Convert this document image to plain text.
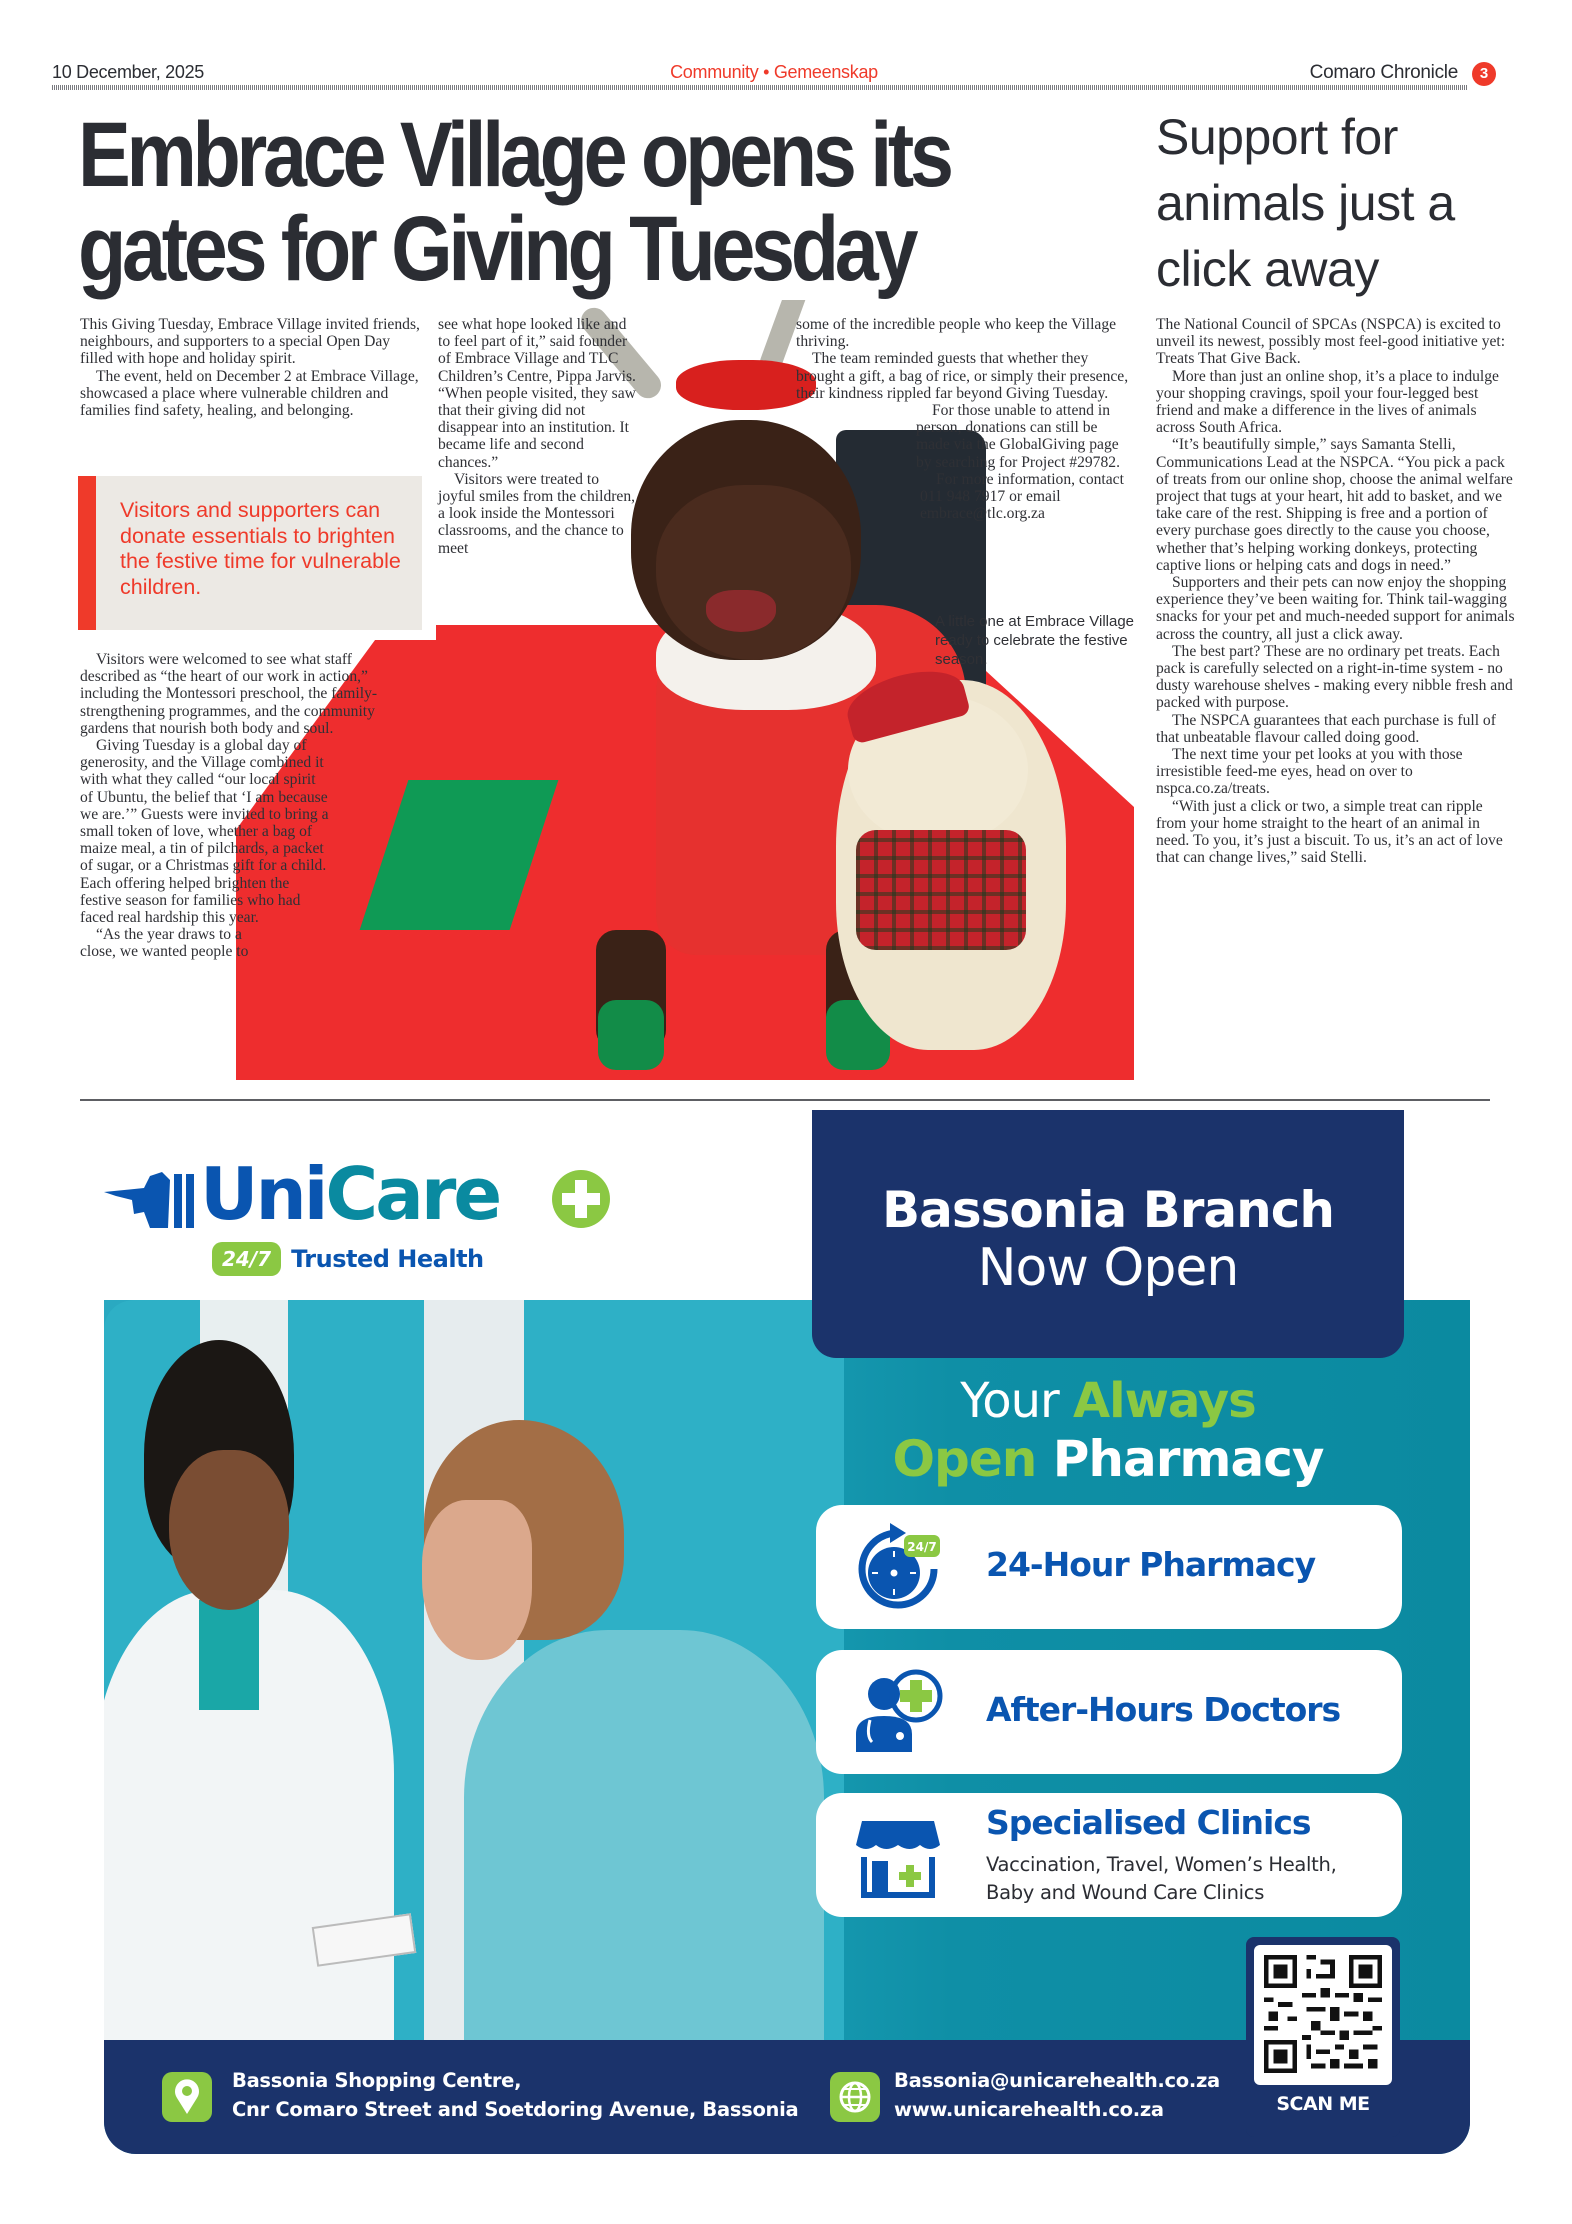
10 December, 2025	Community • Gemeenskap	Comaro Chronicle	3
Embrace Village opens its
gates for Giving Tuesday

This Giving Tuesday, Embrace Village invited friends, neighbours, and supporters to a special Open Day filled with hope and holiday spirit.

The event, held on December 2 at Embrace Village, showcased a place where vulnerable children and families find safety, healing, and belonging.

Visitors and supporters can donate essentials to brighten the festive time for vulnerable children.

Visitors were welcomed to see what staff described as “the heart of our work in action,” including the Montessori preschool, the family-strengthening programmes, and the community gardens that nourish both body and soul.

Giving Tuesday is a global day of generosity, and the Village combined it with what they called “our local spirit of Ubuntu, the belief that ‘I am because we are.’” Guests were invited to bring a small token of love, whether a bag of maize meal, a tin of pilchards, a packet of sugar, or a Christmas gift for a child. Each offering helped brighten the festive season for families who had faced real hardship this year.

“As the year draws to a close, we wanted people to

see what hope looked like and to feel part of it,” said founder of Embrace Village and TLC Children’s Centre, Pippa Jarvis. “When people visited, they saw that their giving did not disappear into an institution. It became life and second chances.”

Visitors were treated to joyful smiles from the children, a look inside the Montessori classrooms, and the chance to meet

some of the incredible people who keep the Village thriving.

The team reminded guests that whether they brought a gift, a bag of rice, or simply their presence, their kindness rippled far beyond Giving Tuesday.

For those unable to attend in person, donations can still be made via the GlobalGiving page by searching for Project #29782.

For more information, contact 011 948 7917 or email embrace@tlc.org.za

A little one at Embrace Village ready to celebrate the festive season.
Support for animals just a click away

The National Council of SPCAs (NSPCA) is excited to unveil its newest, possibly most feel-good initiative yet: Treats That Give Back.

More than just an online shop, it’s a place to indulge your shopping cravings, spoil your four-legged best friend and make a difference in the lives of animals across South Africa.

“It’s beautifully simple,” says Samanta Stelli, Communications Lead at the NSPCA. “You pick a pack of treats from our online shop, choose the animal welfare project that tugs at your heart, hit add to basket, and we take care of the rest. Shipping is free and a portion of every purchase goes directly to the cause you choose, whether that’s helping working donkeys, protecting captive lions or helping cats and dogs in need.”

Supporters and their pets can now enjoy the shopping experience they’ve been waiting for. Think tail-wagging snacks for your pet and much-needed support for animals across the country, all just a click away.

The best part? These are no ordinary pet treats. Each pack is carefully selected on a right-in-time system - no dusty warehouse shelves - making every nibble fresh and packed with purpose.

The NSPCA guarantees that each purchase is full of that unbeatable flavour called doing good.

The next time your pet looks at you with those irresistible feed-me eyes, head on over to nspca.co.za/treats.

“With just a click or two, a simple treat can ripple from your home straight to the heart of an animal in need. To you, it’s just a biscuit. To us, it’s an act of love that can change lives,” said Stelli.

UniCare
24/7 Trusted Health
Bassonia Branch
Now Open
Your Always
Open Pharmacy
24/7 24-Hour Pharmacy
After-Hours Doctors
Specialised Clinics
Vaccination, Travel, Women’s Health,
Baby and Wound Care Clinics
Bassonia Shopping Centre,
Cnr Comaro Street and Soetdoring Avenue, Bassonia
Bassonia@unicarehealth.co.za
www.unicarehealth.co.za	SCAN ME
